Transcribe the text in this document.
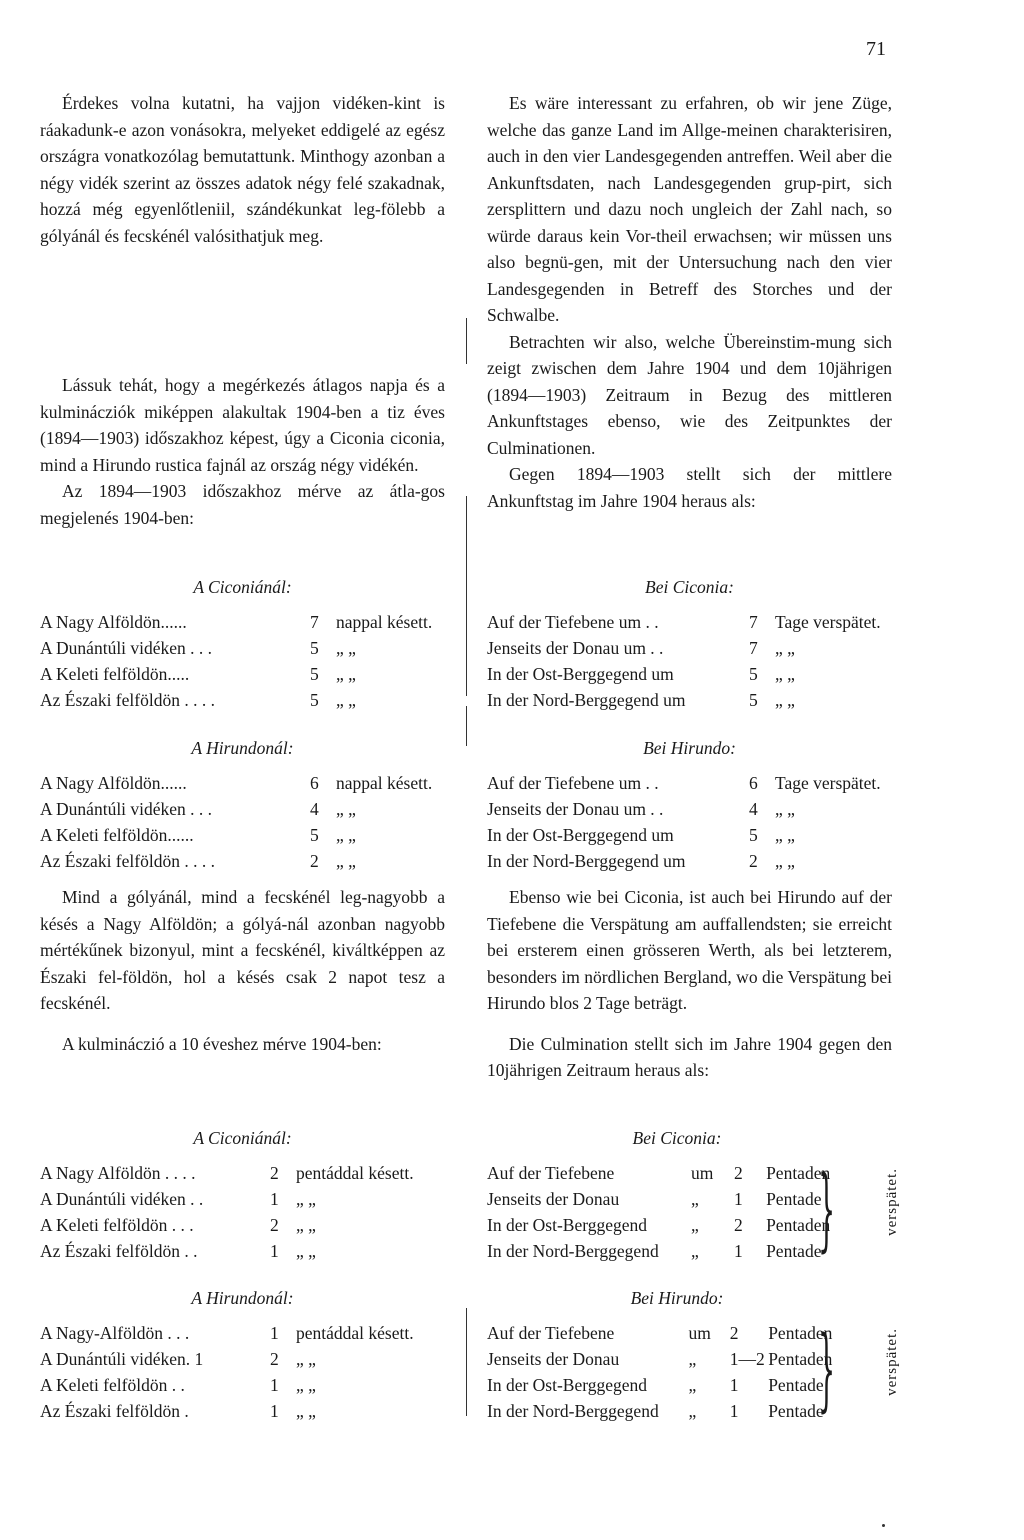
71

Érdekes volna kutatni, ha vajjon vidéken-kint is ráakadunk-e azon vonásokra, melyeket eddigelé az egész országra vonatkozólag bemutattunk. Minthogy azonban a négy vidék szerint az összes adatok négy felé szakadnak, hozzá még egyenlőtleniil, szándékunkat leg-fölebb a gólyánál és fecskénél valósithatjuk meg.

Lássuk tehát, hogy a megérkezés átlagos napja és a kulminácziók miképpen alakultak 1904-ben a tiz éves (1894—1903) időszakhoz képest, úgy a Ciconia ciconia, mind a Hirundo rustica fajnál az ország négy vidékén.

Az 1894—1903 időszakhoz mérve az átla-gos megjelenés 1904-ben:

A Ciconiánál:

A Nagy Alföldön......	7	nappal késett.
A Dunántúli vidéken . . .	5	„ „
A Keleti felföldön.....	5	„ „
Az Északi felföldön . . . .	5	„ „

A Hirundonál:

A Nagy Alföldön......	6	nappal késett.
A Dunántúli vidéken . . .	4	„ „
A Keleti felföldön......	5	„ „
Az Északi felföldön . . . .	2	„ „

Mind a gólyánál, mind a fecskénél leg-nagyobb a késés a Nagy Alföldön; a gólyá-nál azonban nagyobb mértékűnek bizonyul, mint a fecskénél, kiváltképpen az Északi fel-földön, hol a késés csak 2 napot tesz a fecskénél.

A kulmináczió a 10 éveshez mérve 1904-ben:

A Ciconiánál:

A Nagy Alföldön . . . .	2	pentáddal késett.
A Dunántúli vidéken . .	1	„ „
A Keleti felföldön . . .	2	„ „
Az Északi felföldön . .	1	„ „

A Hirundonál:

A Nagy-Alföldön . . .	1	pentáddal késett.
A Dunántúli vidéken. 1	2	„ „
A Keleti felföldön . .	1	„ „
Az Északi felföldön .	1	„ „

Es wäre interessant zu erfahren, ob wir jene Züge, welche das ganze Land im Allge-meinen charakterisiren, auch in den vier Landesgegenden antreffen. Weil aber die Ankunftsdaten, nach Landesgegenden grup-pirt, sich zersplittern und dazu noch ungleich der Zahl nach, so würde daraus kein Vor-theil erwachsen; wir müssen uns also begnü-gen, mit der Untersuchung nach den vier Landesgegenden in Betreff des Storches und der Schwalbe.

Betrachten wir also, welche Übereinstim-mung sich zeigt zwischen dem Jahre 1904 und dem 10jährigen (1894—1903) Zeitraum in Bezug des mittleren Ankunftstages ebenso, wie des Zeitpunktes der Culminationen.

Gegen 1894—1903 stellt sich der mittlere Ankunftstag im Jahre 1904 heraus als:

Bei Ciconia:

Auf der Tiefebene um . .	7	Tage verspätet.
Jenseits der Donau um . .	7	„ „
In der Ost-Berggegend um	5	„ „
In der Nord-Berggegend um	5	„ „

Bei Hirundo:

Auf der Tiefebene um . .	6	Tage verspätet.
Jenseits der Donau um . .	4	„ „
In der Ost-Berggegend um	5	„ „
In der Nord-Berggegend um	2	„ „

Ebenso wie bei Ciconia, ist auch bei Hirundo auf der Tiefebene die Verspätung am auffallendsten; sie erreicht bei ersterem einen grösseren Werth, als bei letzterem, besonders im nördlichen Bergland, wo die Verspätung bei Hirundo blos 2 Tage beträgt.

Die Culmination stellt sich im Jahre 1904 gegen den 10jährigen Zeitraum heraus als:

Bei Ciconia:

Auf der Tiefebene	um	2	Pentaden
Jenseits der Donau	„	1	Pentade
In der Ost-Berggegend	„	2	Pentaden
In der Nord-Berggegend	„	1	Pentade
}	verspätet.

Bei Hirundo:

Auf der Tiefebene	um	2	Pentaden
Jenseits der Donau	„	1—2	Pentaden
In der Ost-Berggegend	„	1	Pentade
In der Nord-Berggegend	„	1	Pentade
}	verspätet.
